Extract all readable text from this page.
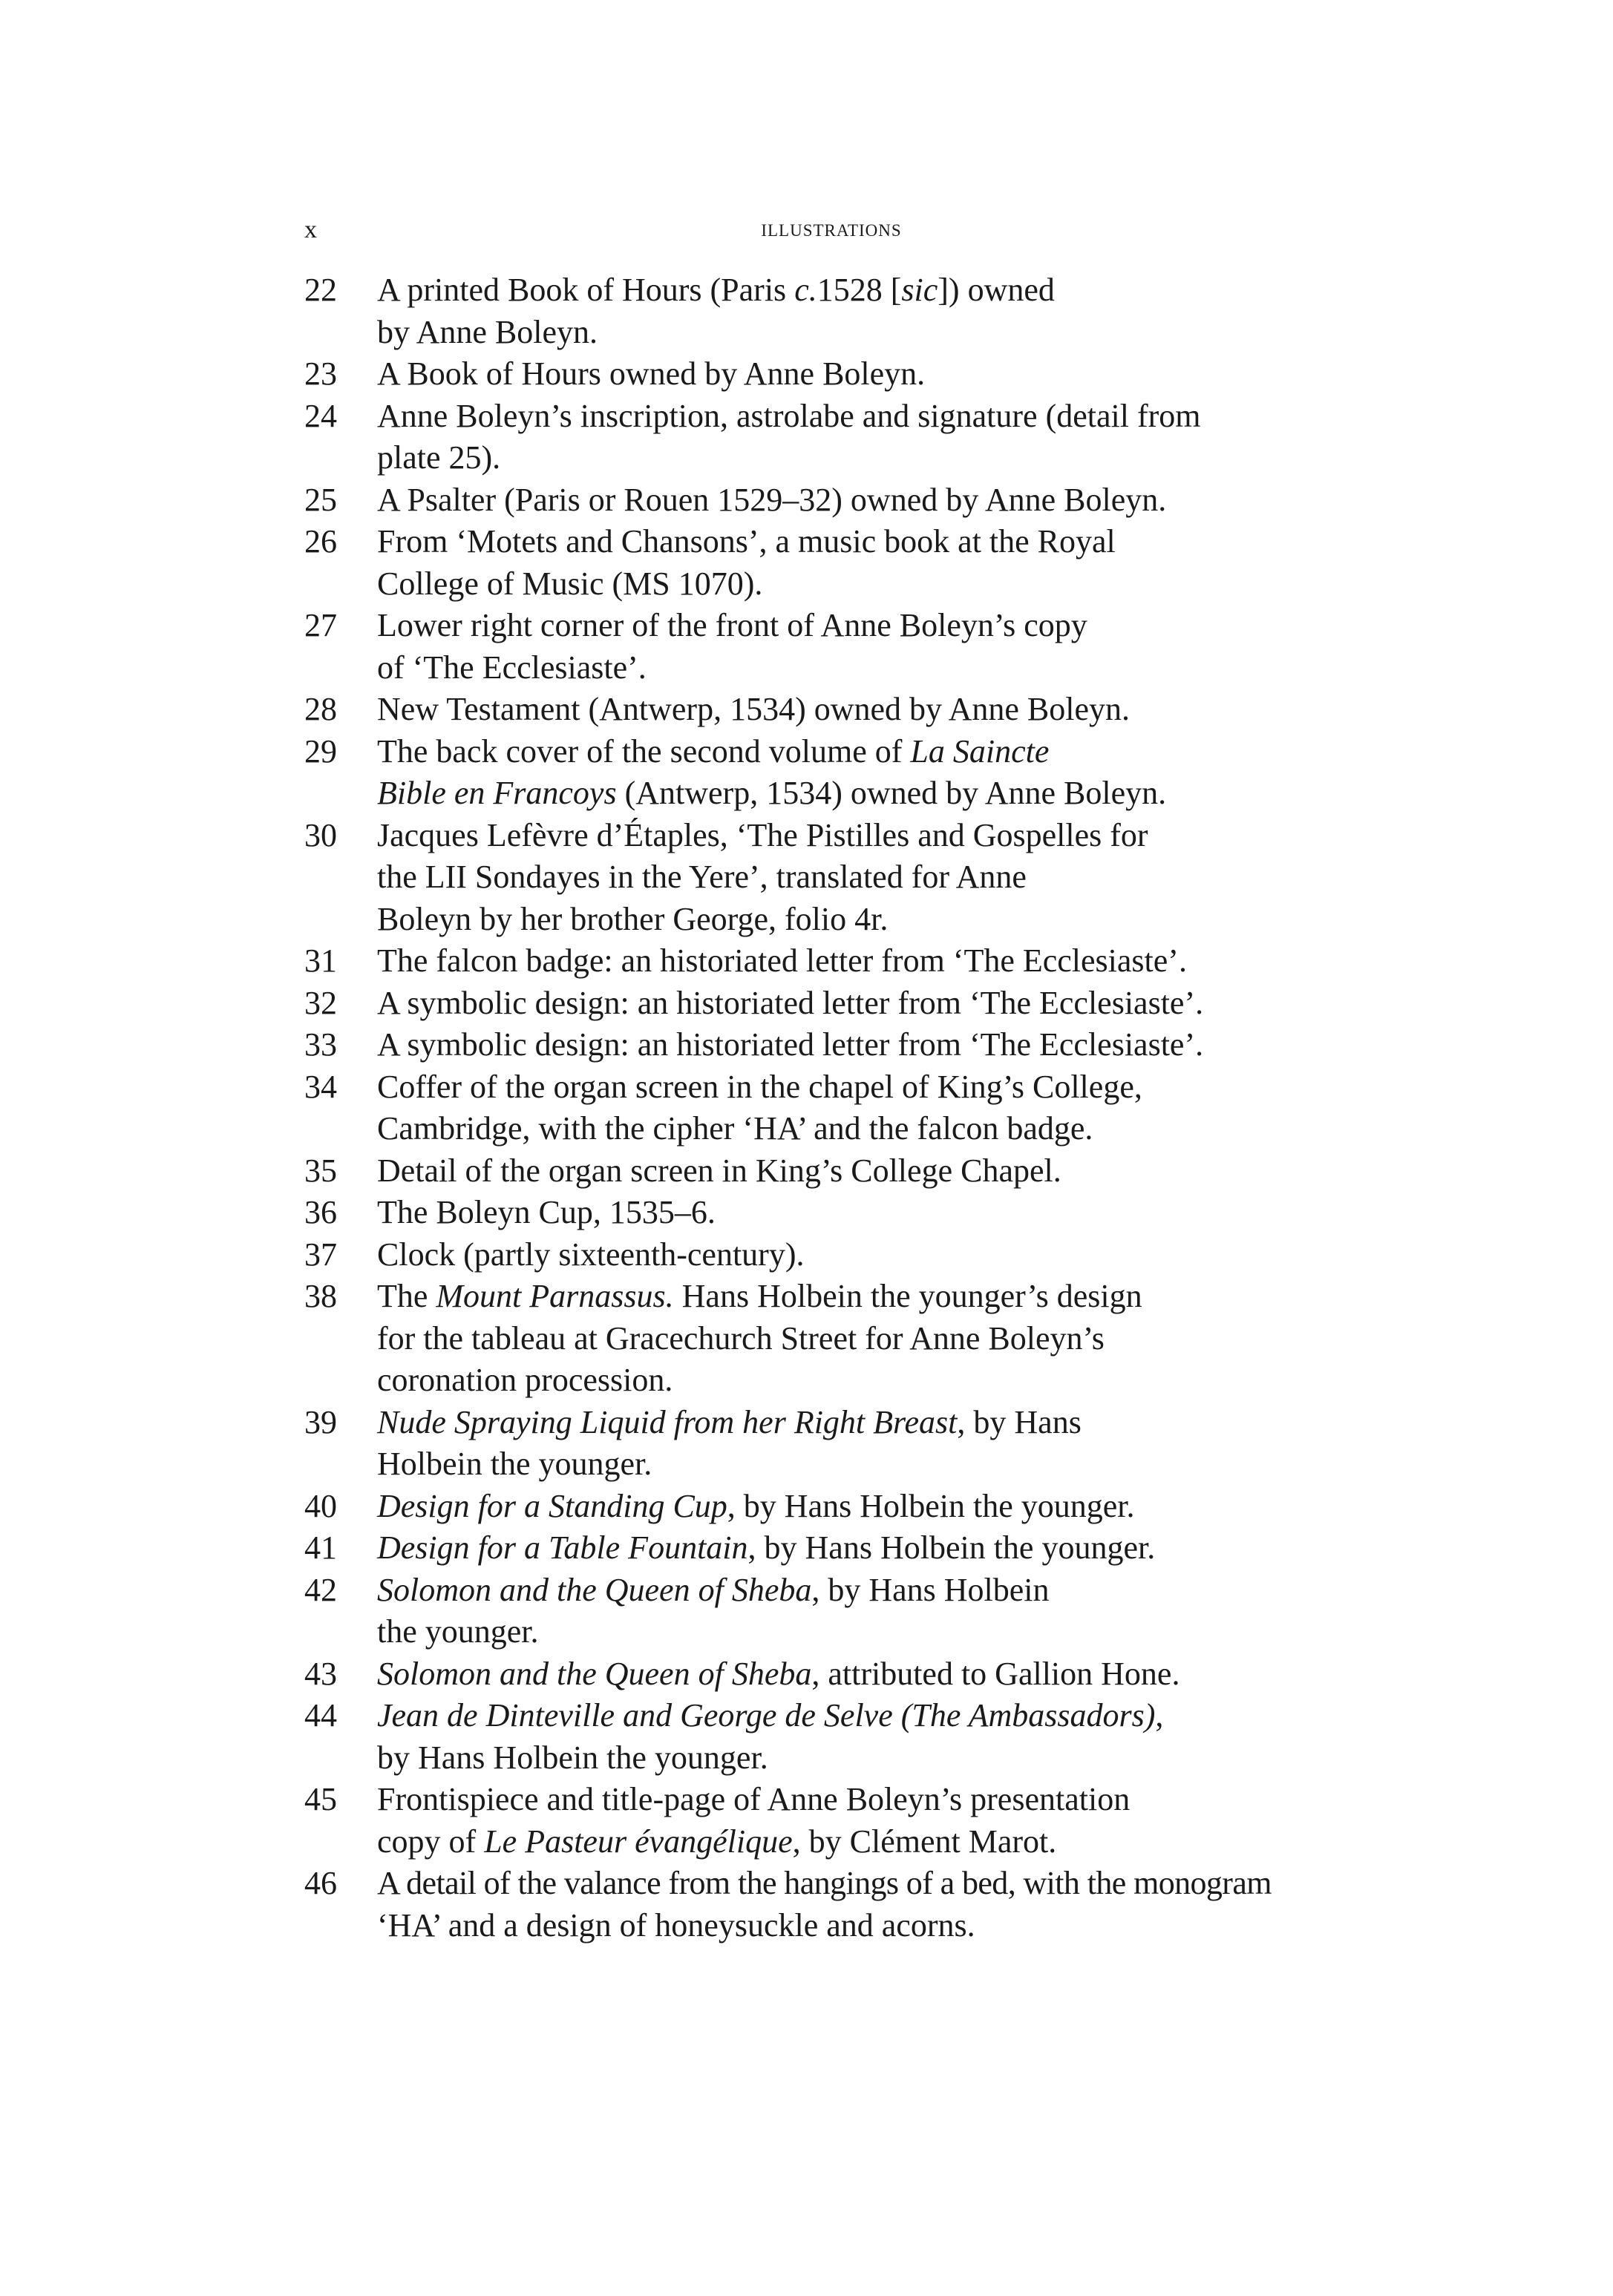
x	ILLUSTRATIONS
22	A printed Book of Hours (Paris c.1528 [sic]) owned
by Anne Boleyn.
23	A Book of Hours owned by Anne Boleyn.
24	Anne Boleyn’s inscription, astrolabe and signature (detail from
plate 25).
25	A Psalter (Paris or Rouen 1529–32) owned by Anne Boleyn.
26	From ‘Motets and Chansons’, a music book at the Royal
College of Music (MS 1070).
27	Lower right corner of the front of Anne Boleyn’s copy
of ‘The Ecclesiaste’.
28	New Testament (Antwerp, 1534) owned by Anne Boleyn.
29	The back cover of the second volume of La Saincte
Bible en Francoys (Antwerp, 1534) owned by Anne Boleyn.
30	Jacques Lefèvre d’Étaples, ‘The Pistilles and Gospelles for
the LII Sondayes in the Yere’, translated for Anne
Boleyn by her brother George, folio 4r.
31	The falcon badge: an historiated letter from ‘The Ecclesiaste’.
32	A symbolic design: an historiated letter from ‘The Ecclesiaste’.
33	A symbolic design: an historiated letter from ‘The Ecclesiaste’.
34	Coffer of the organ screen in the chapel of King’s College,
Cambridge, with the cipher ‘HA’ and the falcon badge.
35	Detail of the organ screen in King’s College Chapel.
36	The Boleyn Cup, 1535–6.
37	Clock (partly sixteenth-century).
38	The Mount Parnassus. Hans Holbein the younger’s design
for the tableau at Gracechurch Street for Anne Boleyn’s
coronation procession.
39	Nude Spraying Liquid from her Right Breast, by Hans
Holbein the younger.
40	Design for a Standing Cup, by Hans Holbein the younger.
41	Design for a Table Fountain, by Hans Holbein the younger.
42	Solomon and the Queen of Sheba, by Hans Holbein
the younger.
43	Solomon and the Queen of Sheba, attributed to Gallion Hone.
44	Jean de Dinteville and George de Selve (The Ambassadors),
by Hans Holbein the younger.
45	Frontispiece and title-page of Anne Boleyn’s presentation
copy of Le Pasteur évangélique, by Clément Marot.
46	A detail of the valance from the hangings of a bed, with the monogram
‘HA’ and a design of honeysuckle and acorns.
